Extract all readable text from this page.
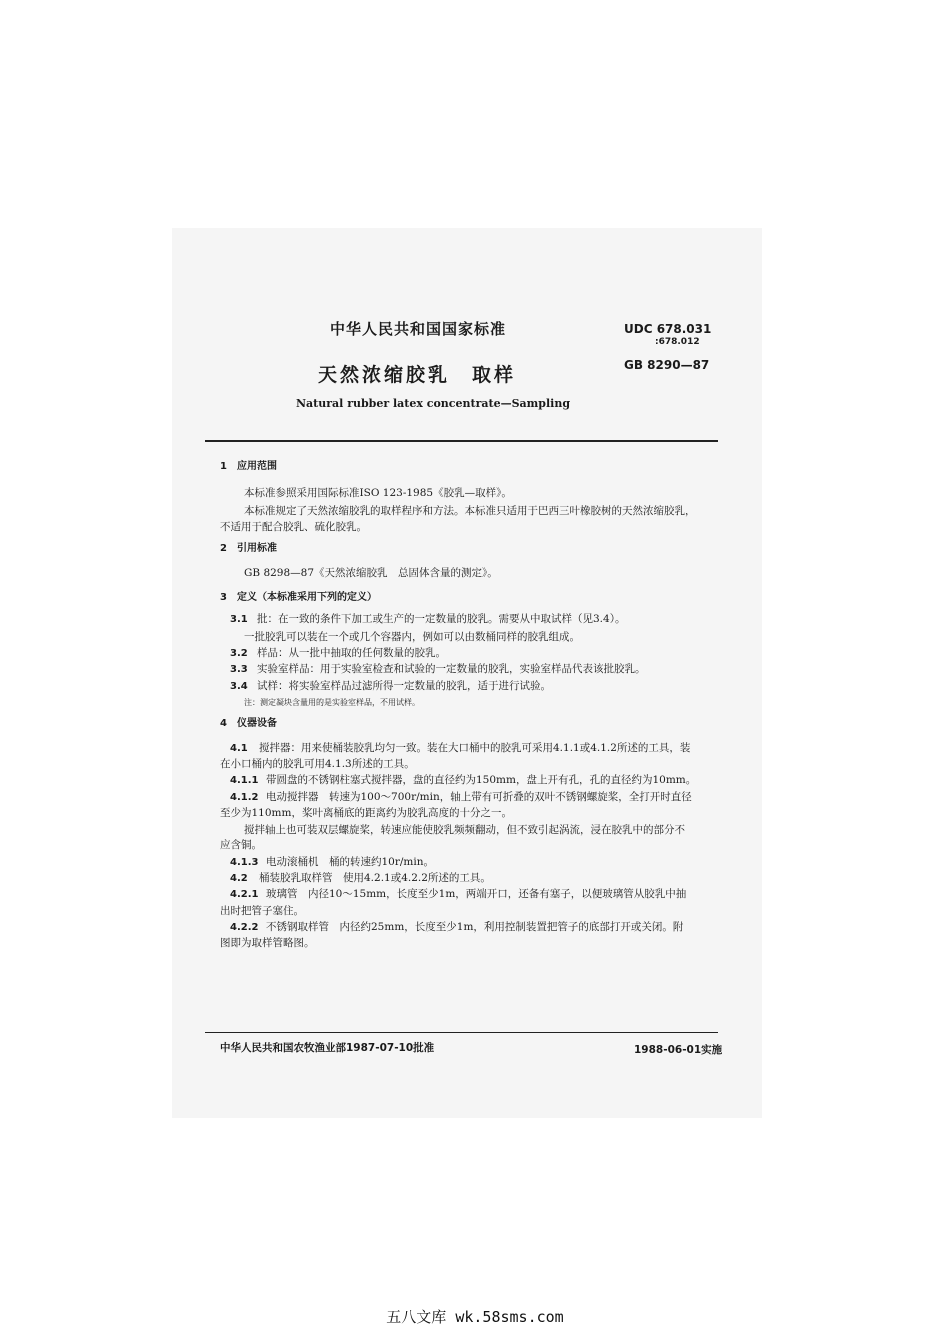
中华人民共和国国家标准
天然浓缩胶乳　取样
Natural rubber latex concentrate—Sampling
UDC 678.031
:678.012
GB 8290—87
1　应用范围
本标准参照采用国际标准ISO 123-1985《胶乳—取样》。
本标准规定了天然浓缩胶乳的取样程序和方法。本标准只适用于巴西三叶橡胶树的天然浓缩胶乳，
不适用于配合胶乳、硫化胶乳。
2　引用标准
GB 8298—87《天然浓缩胶乳　总固体含量的测定》。
3　定义（本标准采用下列的定义）
3.1 批：在一致的条件下加工或生产的一定数量的胶乳。需要从中取试样（见3.4）。
一批胶乳可以装在一个或几个容器内，例如可以由数桶同样的胶乳组成。
3.2 样品：从一批中抽取的任何数量的胶乳。
3.3 实验室样品：用于实验室检查和试验的一定数量的胶乳，实验室样品代表该批胶乳。
3.4 试样：将实验室样品过滤所得一定数量的胶乳，适于进行试验。
注：测定凝块含量用的是实验室样品，不用试样。
4　仪器设备
4.1 搅拌器：用来使桶装胶乳均匀一致。装在大口桶中的胶乳可采用4.1.1或4.1.2所述的工具，装
在小口桶内的胶乳可用4.1.3所述的工具。
4.1.1 带圆盘的不锈钢柱塞式搅拌器，盘的直径约为150mm，盘上开有孔，孔的直径约为10mm。
4.1.2 电动搅拌器　转速为100～700r/min，轴上带有可折叠的双叶不锈钢螺旋桨，全打开时直径
至少为110mm，桨叶离桶底的距离约为胶乳高度的十分之一。
搅拌轴上也可装双层螺旋桨，转速应能使胶乳频频翻动，但不致引起涡流，浸在胶乳中的部分不
应含铜。
4.1.3 电动滚桶机　桶的转速约10r/min。
4.2 桶装胶乳取样管　使用4.2.1或4.2.2所述的工具。
4.2.1 玻璃管　内径10～15mm，长度至少1m，两端开口，还备有塞子，以便玻璃管从胶乳中抽
出时把管子塞住。
4.2.2 不锈钢取样管　内径约25mm，长度至少1m，利用控制装置把管子的底部打开或关闭。附
图即为取样管略图。
中华人民共和国农牧渔业部1987-07-10批准	1988-06-01实施
五八文库 wk.58sms.com
